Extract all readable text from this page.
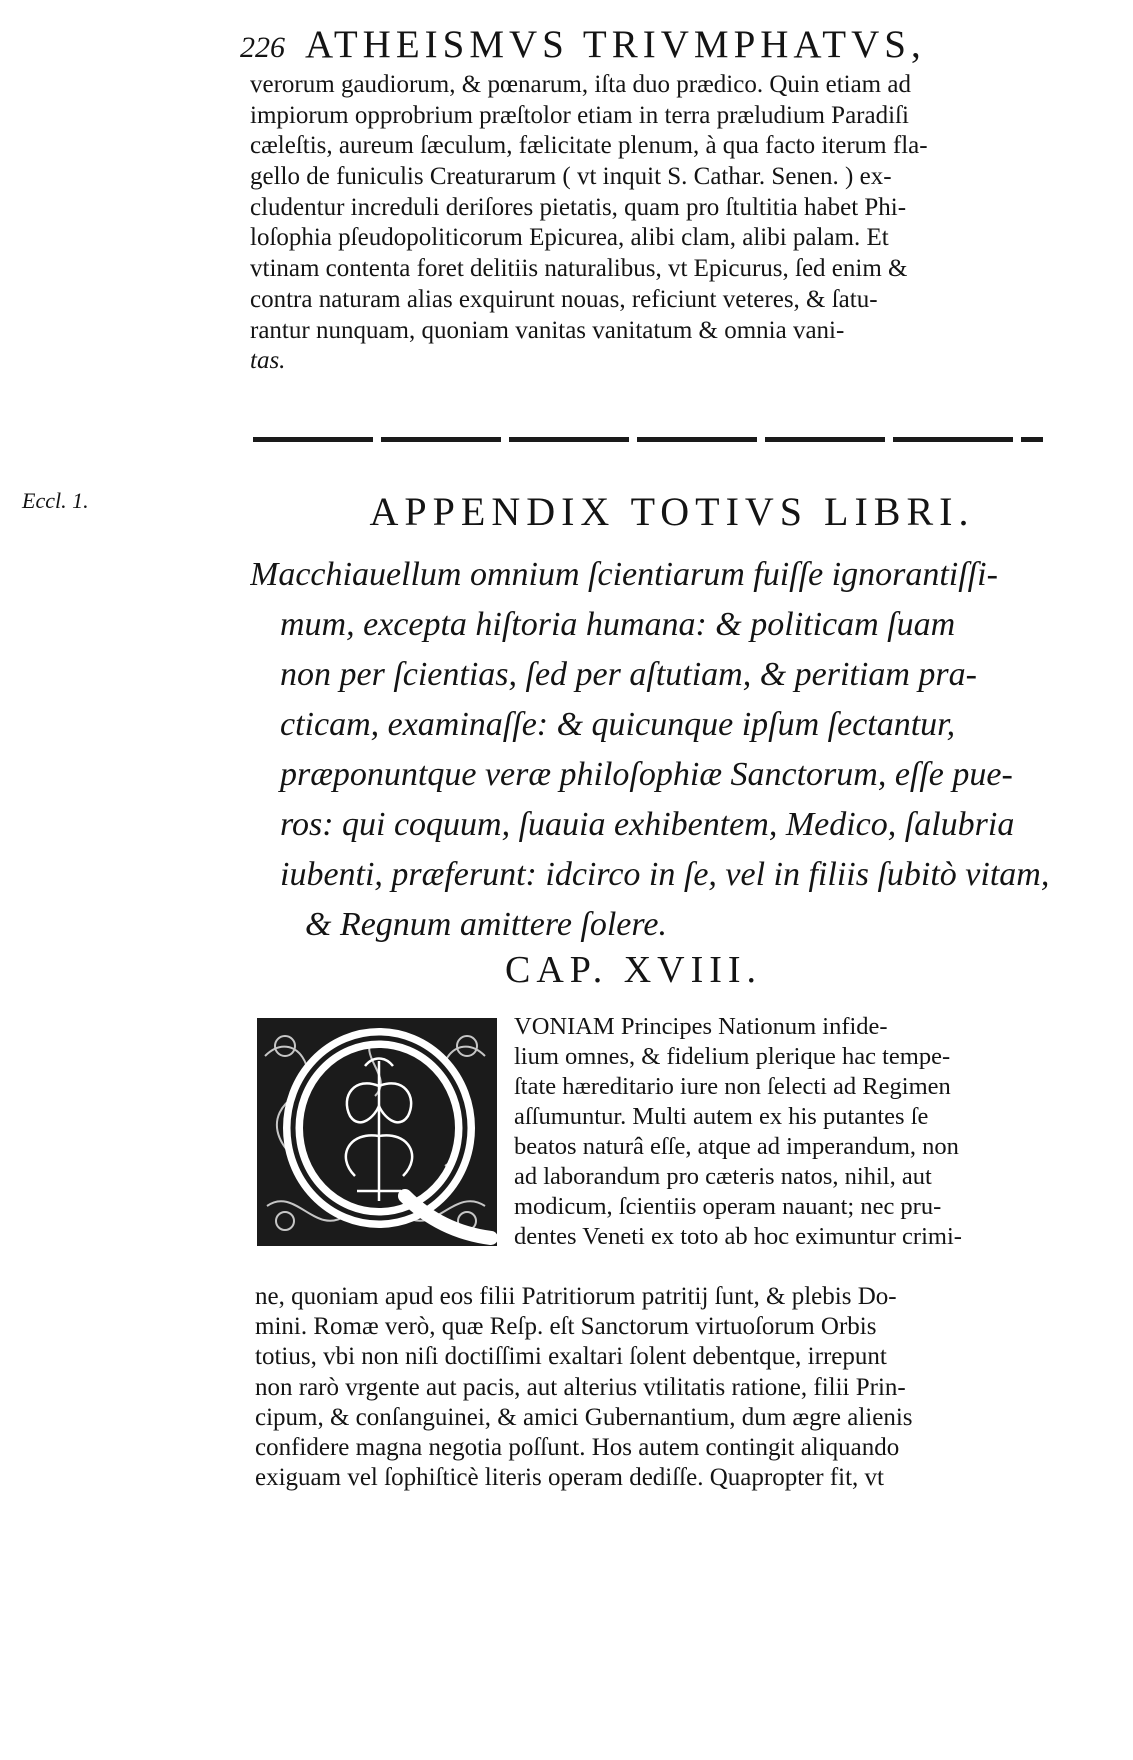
226 ATHEISMVS TRIVMPHATVS,
verorum gaudiorum, & pœnarum, iſta duo prædico. Quin etiam ad
impiorum opprobrium præſtolor etiam in terra præludium Paradiſi
cæleſtis, aureum ſæculum, fælicitate plenum, à qua facto iterum fla-
gello de funiculis Creaturarum ( vt inquit S. Cathar. Senen. ) ex-
cludentur increduli deriſores pietatis, quam pro ſtultitia habet Phi-
loſophia pſeudopoliticorum Epicurea, alibi clam, alibi palam. Et
vtinam contenta foret delitiis naturalibus, vt Epicurus, ſed enim &
contra naturam alias exquirunt nouas, reficiunt veteres, & ſatu-
rantur nunquam, quoniam vanitas vanitatum & omnia vani-
tas.
Eccl. 1.	APPENDIX TOTIVS LIBRI.
Macchiauellum omnium ſcientiarum fuiſſe ignorantiſſi-
mum, excepta hiſtoria humana: & politicam ſuam
non per ſcientias, ſed per aſtutiam, & peritiam pra-
cticam, examinaſſe: & quicunque ipſum ſectantur,
præponuntque veræ philoſophiæ Sanctorum, eſſe pue-
ros: qui coquum, ſuauia exhibentem, Medico, ſalubria
iubenti, præferunt: idcirco in ſe, vel in filiis ſubitò vitam,
& Regnum amittere ſolere.
CAP. XVIII.
VONIAM Principes Nationum infide-
lium omnes, & fidelium plerique hac tempe-
ſtate hæreditario iure non ſelecti ad Regimen
aſſumuntur. Multi autem ex his putantes ſe
beatos naturâ eſſe, atque ad imperandum, non
ad laborandum pro cæteris natos, nihil, aut
modicum, ſcientiis operam nauant; nec pru-
dentes Veneti ex toto ab hoc eximuntur crimi-
ne, quoniam apud eos filii Patritiorum patritij ſunt, & plebis Do-
mini. Romæ verò, quæ Reſp. eſt Sanctorum virtuoſorum Orbis
totius, vbi non niſi doctiſſimi exaltari ſolent debentque, irrepunt
non rarò vrgente aut pacis, aut alterius vtilitatis ratione, filii Prin-
cipum, & conſanguinei, & amici Gubernantium, dum ægre alienis
confidere magna negotia poſſunt. Hos autem contingit aliquando
exiguam vel ſophiſticè literis operam dediſſe. Quapropter fit, vt
